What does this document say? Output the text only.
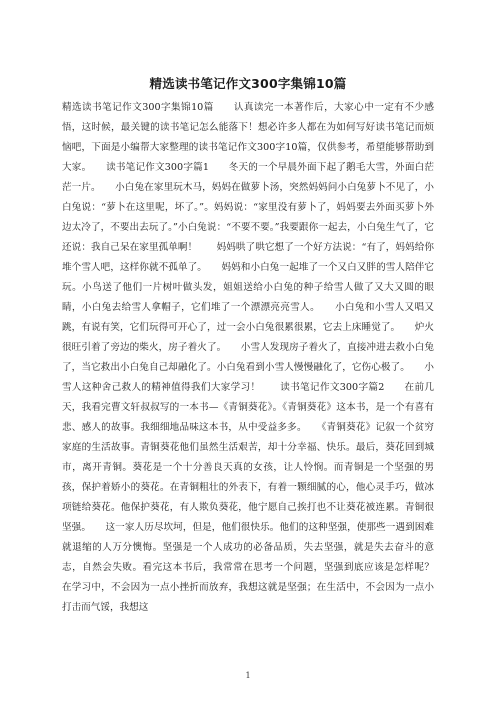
精选读书笔记作文300字集锦10篇
精选读书笔记作文300字集锦10篇　　认真读完一本著作后，大家心中一定有不少感悟，这时候，最关键的读书笔记怎么能落下！想必许多人都在为如何写好读书笔记而烦恼吧，下面是小编帮大家整理的读书笔记作文300字10篇，仅供参考，希望能够帮助到大家。　　读书笔记作文300字篇1　　冬天的一个早晨外面下起了鹅毛大雪，外面白茫茫一片。　　小白兔在家里玩木马，妈妈在做萝卜汤，突然妈妈问小白兔萝卜不见了，小白兔说：“萝卜在这里呢，坏了。”。妈妈说：“家里没有萝卜了，妈妈要去外面买萝卜外边太冷了，不要出去玩了。”小白兔说：“不要不要。”我要跟你一起去，小白兔生气了，它还说：我自己呆在家里孤单啊！　　妈妈哄了哄它想了一个好方法说：“有了，妈妈给你堆个雪人吧，这样你就不孤单了。　　妈妈和小白兔一起堆了一个又白又胖的雪人陪伴它玩。小鸟送了他们一片树叶做头发，姐姐送给小白兔的种子给雪人做了又大又圆的眼睛，小白兔去给雪人拿帽子，它们堆了一个漂漂亮亮雪人。　　小白兔和小雪人又唱又跳，有说有笑，它们玩得可开心了，过一会小白兔很累很累，它去上床睡觉了。　　炉火很旺引着了旁边的柴火，房子着火了。　　小雪人发现房子着火了，直接冲进去救小白兔了，当它救出小白兔自己却融化了。小白兔看到小雪人慢慢融化了，它伤心极了。　　小雪人这种舍己救人的精神值得我们大家学习！　　读书笔记作文300字篇2　　在前几天，我看完曹文轩叔叔写的一本书—《青铜葵花》。《青铜葵花》这本书，是一个有喜有悲、感人的故事。我细细地品味这本书，从中受益多多。　　《青铜葵花》记叙一个贫穷家庭的生活故事。青铜葵花他们虽然生活艰苦，却十分幸福、快乐。最后，葵花回到城市，离开青铜。葵花是一个十分善良天真的女孩，让人怜悯。而青铜是一个坚强的男孩，保护着娇小的葵花。在青铜粗壮的外表下，有着一颗细腻的心，他心灵手巧，做冰项链给葵花。他保护葵花，有人欺负葵花，他宁愿自己挨打也不让葵花被连累。青铜很坚强。　　这一家人历尽坎坷，但是，他们很快乐。他们的这种坚强，使那些一遇到困难就退缩的人万分懊悔。坚强是一个人成功的必备品质，失去坚强，就是失去奋斗的意志，自然会失败。看完这本书后，我常常在思考一个问题，坚强到底应该是怎样呢？　　在学习中，不会因为一点小挫折而放弃，我想这就是坚强；在生活中，不会因为一点小打击而气馁，我想这
1
